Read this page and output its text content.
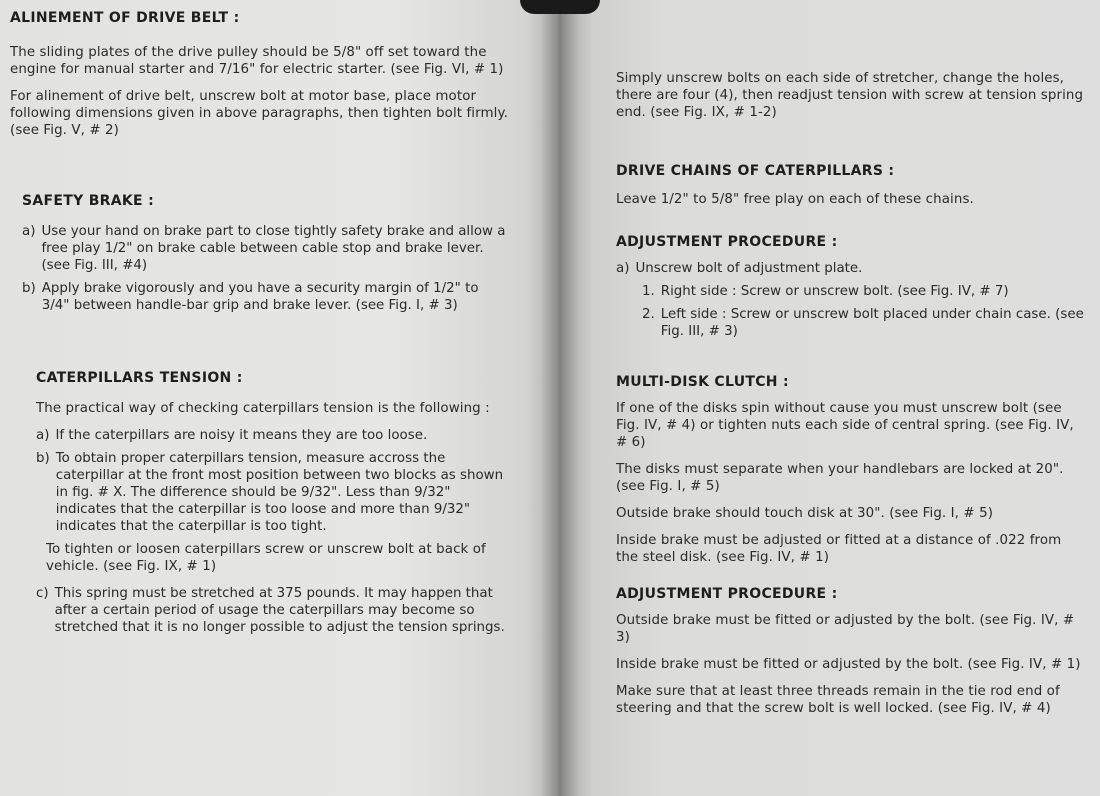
ALINEMENT OF DRIVE BELT :

The sliding plates of the drive pulley should be 5/8" off set toward the engine for manual starter and 7/16" for electric starter. (see Fig. VI, # 1)

For alinement of drive belt, unscrew bolt at motor base, place motor following dimensions given in above paragraphs, then tighten bolt firmly. (see Fig. V, # 2)

SAFETY BRAKE :
a) Use your hand on brake part to close tightly safety brake and allow a free play 1/2" on brake cable between cable stop and brake lever. (see Fig. III, #4)
b) Apply brake vigorously and you have a security margin of 1/2" to 3/4" between handle-bar grip and brake lever. (see Fig. I, # 3)
CATERPILLARS TENSION :

The practical way of checking caterpillars tension is the following :

a) If the caterpillars are noisy it means they are too loose.
b) To obtain proper caterpillars tension, measure accross the caterpillar at the front most position between two blocks as shown in fig. # X. The difference should be 9/32". Less than 9/32" indicates that the caterpillar is too loose and more than 9/32" indicates that the caterpillar is too tight.

To tighten or loosen caterpillars screw or unscrew bolt at back of vehicle. (see Fig. IX, # 1)

c) This spring must be stretched at 375 pounds. It may happen that after a certain period of usage the caterpillars may become so stretched that it is no longer possible to adjust the tension springs.

Simply unscrew bolts on each side of stretcher, change the holes, there are four (4), then readjust tension with screw at tension spring end. (see Fig. IX, # 1-2)

DRIVE CHAINS OF CATERPILLARS :

Leave 1/2" to 5/8" free play on each of these chains.

ADJUSTMENT PROCEDURE :
a) Unscrew bolt of adjustment plate.
1. Right side : Screw or unscrew bolt. (see Fig. IV, # 7)
2. Left side : Screw or unscrew bolt placed under chain case. (see Fig. III, # 3)
MULTI-DISK CLUTCH :

If one of the disks spin without cause you must unscrew bolt (see Fig. IV, # 4) or tighten nuts each side of central spring. (see Fig. IV, # 6)

The disks must separate when your handlebars are locked at 20". (see Fig. I, # 5)

Outside brake should touch disk at 30". (see Fig. I, # 5)

Inside brake must be adjusted or fitted at a distance of .022 from the steel disk. (see Fig. IV, # 1)

ADJUSTMENT PROCEDURE :

Outside brake must be fitted or adjusted by the bolt. (see Fig. IV, # 3)

Inside brake must be fitted or adjusted by the bolt. (see Fig. IV, # 1)

Make sure that at least three threads remain in the tie rod end of steering and that the screw bolt is well locked. (see Fig. IV, # 4)
